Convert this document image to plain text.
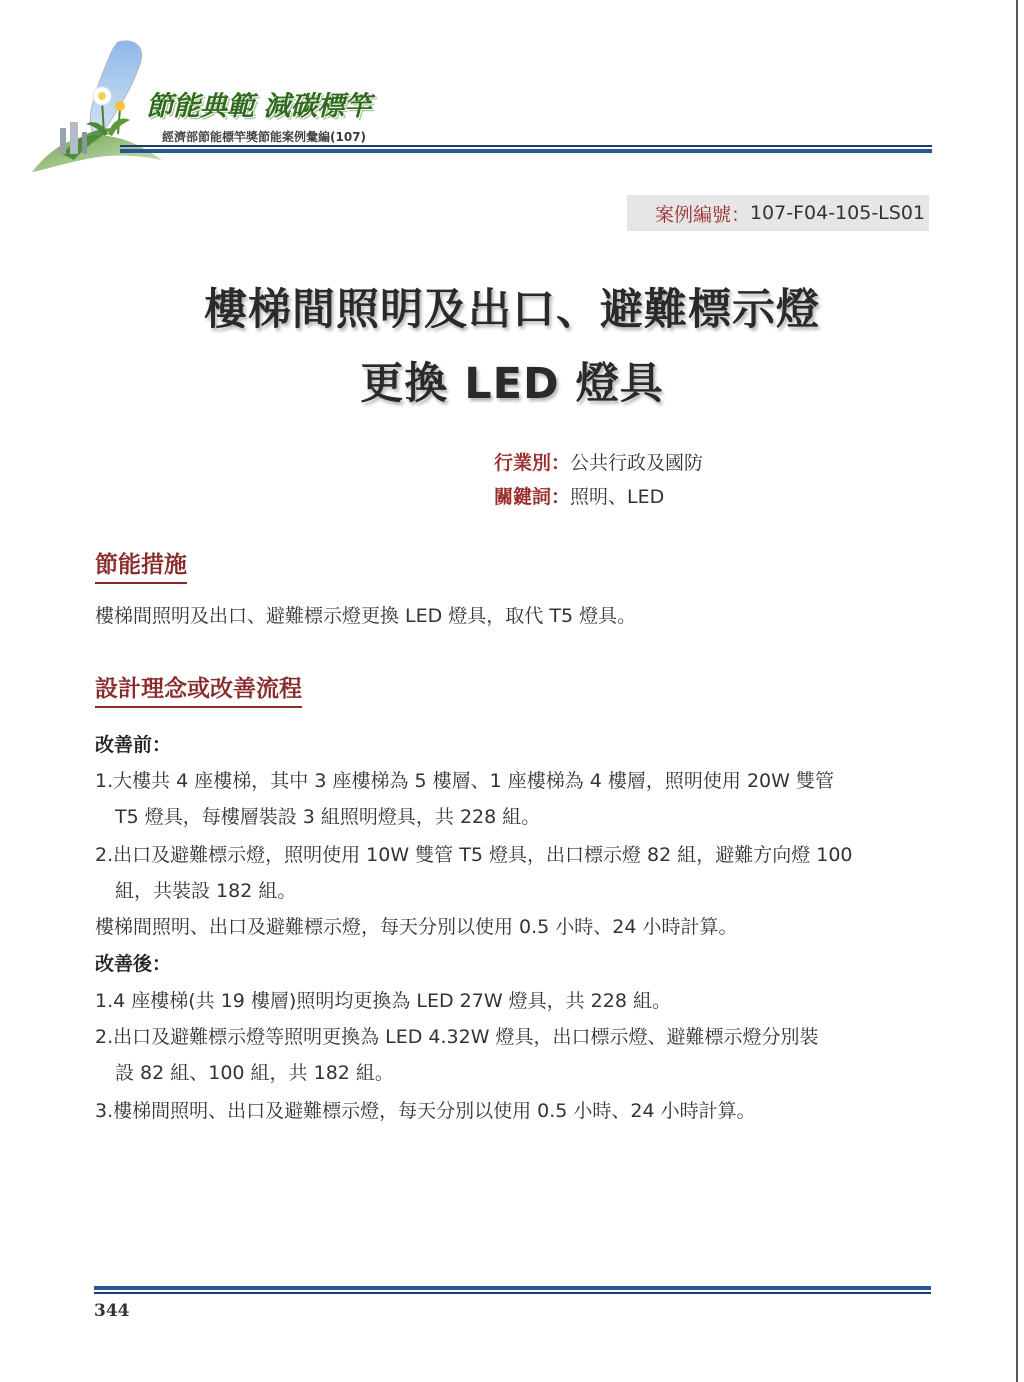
節能典範 減碳標竿
經濟部節能標竿獎節能案例彙編(107)
案例編號： 107-F04-105-LS01
樓梯間照明及出口、避難標示燈
更換 LED 燈具
行業別：公共行政及國防
關鍵詞：照明、LED
節能措施
樓梯間照明及出口、避難標示燈更換 LED 燈具，取代 T5 燈具。
設計理念或改善流程
改善前：
1.大樓共 4 座樓梯，其中 3 座樓梯為 5 樓層、1 座樓梯為 4 樓層，照明使用 20W 雙管
T5 燈具，每樓層裝設 3 組照明燈具，共 228 組。
2.出口及避難標示燈，照明使用 10W 雙管 T5 燈具，出口標示燈 82 組，避難方向燈 100
組，共裝設 182 組。
樓梯間照明、出口及避難標示燈，每天分別以使用 0.5 小時、24 小時計算。
改善後：
1.4 座樓梯(共 19 樓層)照明均更換為 LED 27W 燈具，共 228 組。
2.出口及避難標示燈等照明更換為 LED 4.32W 燈具，出口標示燈、避難標示燈分別裝
設 82 組、100 組，共 182 組。
3.樓梯間照明、出口及避難標示燈，每天分別以使用 0.5 小時、24 小時計算。
344
